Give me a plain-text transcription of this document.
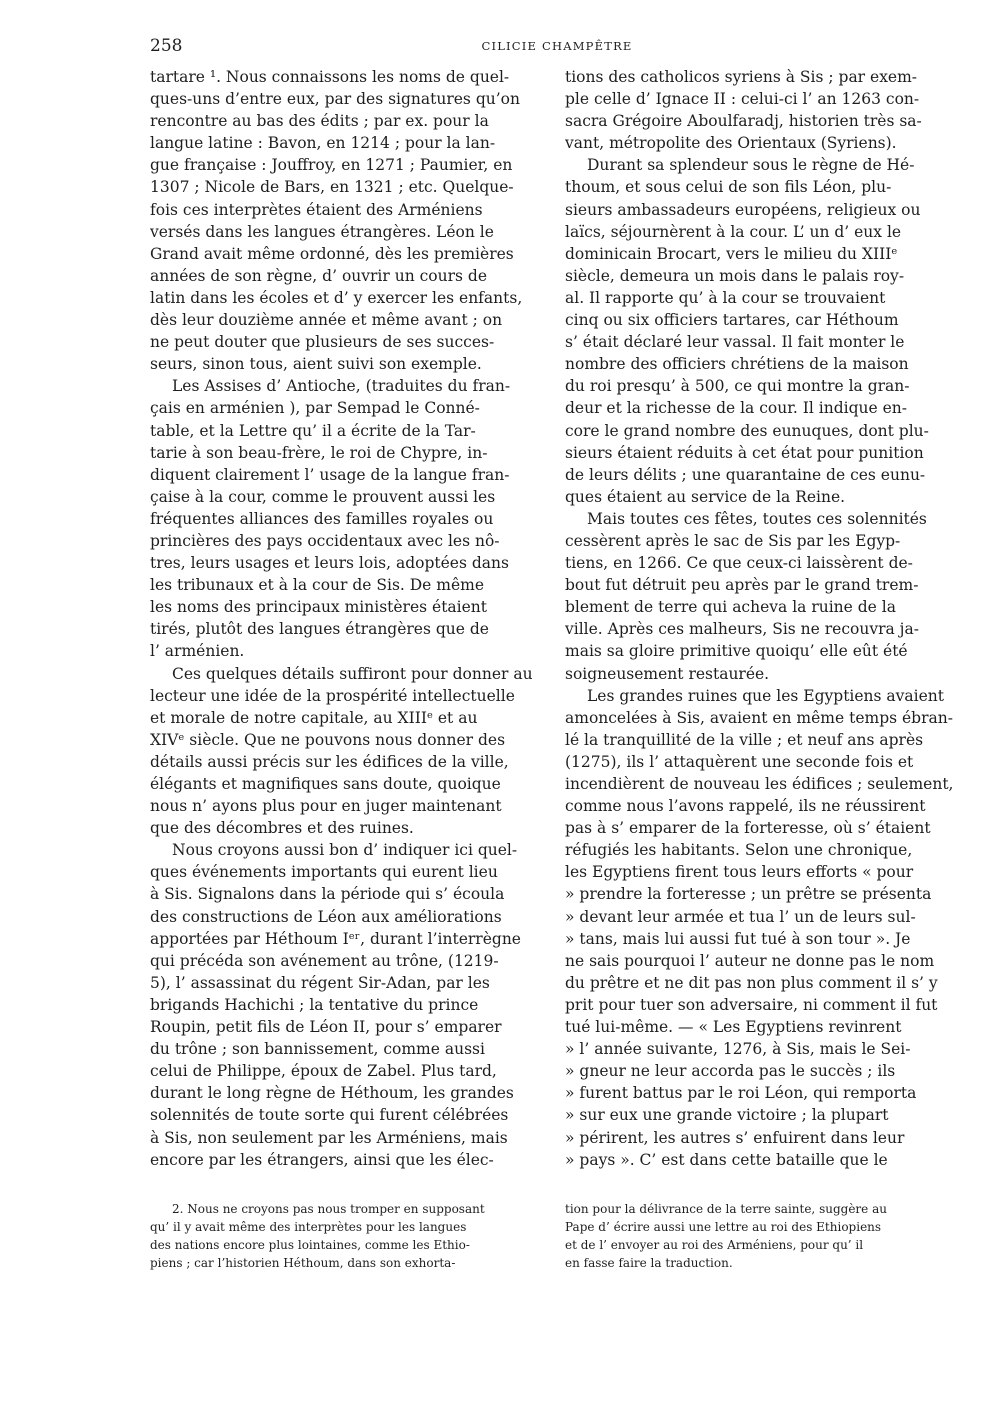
258	CILICIE CHAMPÊTRE
tartare ¹. Nous connaissons les noms de quel-
ques-uns d’entre eux, par des signatures qu’on
rencontre au bas des édits ; par ex. pour la
langue latine : Bavon, en 1214 ; pour la lan-
gue française : Jouffroy, en 1271 ; Paumier, en
1307 ; Nicole de Bars, en 1321 ; etc. Quelque-
fois ces interprètes étaient des Arméniens
versés dans les langues étrangères. Léon le
Grand avait même ordonné, dès les premières
années de son règne, d’ ouvrir un cours de
latin dans les écoles et d’ y exercer les enfants,
dès leur douzième année et même avant ; on
ne peut douter que plusieurs de ses succes-
seurs, sinon tous, aient suivi son exemple.
Les Assises d’ Antioche, (traduites du fran-
çais en arménien ), par Sempad le Conné-
table, et la Lettre qu’ il a écrite de la Tar-
tarie à son beau-frère, le roi de Chypre, in-
diquent clairement l’ usage de la langue fran-
çaise à la cour, comme le prouvent aussi les
fréquentes alliances des familles royales ou
princières des pays occidentaux avec les nô-
tres, leurs usages et leurs lois, adoptées dans
les tribunaux et à la cour de Sis. De même
les noms des principaux ministères étaient
tirés, plutôt des langues étrangères que de
l’ arménien.
Ces quelques détails suffiront pour donner au
lecteur une idée de la prospérité intellectuelle
et morale de notre capitale, au XIIIᵉ et au
XIVᵉ siècle. Que ne pouvons nous donner des
détails aussi précis sur les édifices de la ville,
élégants et magnifiques sans doute, quoique
nous n’ ayons plus pour en juger maintenant
que des décombres et des ruines.
Nous croyons aussi bon d’ indiquer ici quel-
ques événements importants qui eurent lieu
à Sis. Signalons dans la période qui s’ écoula
des constructions de Léon aux améliorations
apportées par Héthoum Iᵉʳ, durant l’interrègne
qui précéda son avénement au trône, (1219-
5), l’ assassinat du régent Sir-Adan, par les
brigands Hachichi ; la tentative du prince
Roupin, petit fils de Léon II, pour s’ emparer
du trône ; son bannissement, comme aussi
celui de Philippe, époux de Zabel. Plus tard,
durant le long règne de Héthoum, les grandes
solennités de toute sorte qui furent célébrées
à Sis, non seulement par les Arméniens, mais
encore par les étrangers, ainsi que les élec-
tions des catholicos syriens à Sis ; par exem-
ple celle d’ Ignace II : celui-ci l’ an 1263 con-
sacra Grégoire Aboulfaradj, historien très sa-
vant, métropolite des Orientaux (Syriens).
Durant sa splendeur sous le règne de Hé-
thoum, et sous celui de son fils Léon, plu-
sieurs ambassadeurs européens, religieux ou
laïcs, séjournèrent à la cour. L’ un d’ eux le
dominicain Brocart, vers le milieu du XIIIᵉ
siècle, demeura un mois dans le palais roy-
al. Il rapporte qu’ à la cour se trouvaient
cinq ou six officiers tartares, car Héthoum
s’ était déclaré leur vassal. Il fait monter le
nombre des officiers chrétiens de la maison
du roi presqu’ à 500, ce qui montre la gran-
deur et la richesse de la cour. Il indique en-
core le grand nombre des eunuques, dont plu-
sieurs étaient réduits à cet état pour punition
de leurs délits ; une quarantaine de ces eunu-
ques étaient au service de la Reine.
Mais toutes ces fêtes, toutes ces solennités
cessèrent après le sac de Sis par les Egyp-
tiens, en 1266. Ce que ceux-ci laissèrent de-
bout fut détruit peu après par le grand trem-
blement de terre qui acheva la ruine de la
ville. Après ces malheurs, Sis ne recouvra ja-
mais sa gloire primitive quoiqu’ elle eût été
soigneusement restaurée.
Les grandes ruines que les Egyptiens avaient
amoncelées à Sis, avaient en même temps ébran-
lé la tranquillité de la ville ; et neuf ans après
(1275), ils l’ attaquèrent une seconde fois et
incendièrent de nouveau les édifices ; seulement,
comme nous l’avons rappelé, ils ne réussirent
pas à s’ emparer de la forteresse, où s’ étaient
réfugiés les habitants. Selon une chronique,
les Egyptiens firent tous leurs efforts « pour
» prendre la forteresse ; un prêtre se présenta
» devant leur armée et tua l’ un de leurs sul-
» tans, mais lui aussi fut tué à son tour ». Je
ne sais pourquoi l’ auteur ne donne pas le nom
du prêtre et ne dit pas non plus comment il s’ y
prit pour tuer son adversaire, ni comment il fut
tué lui-même. — « Les Egyptiens revinrent
» l’ année suivante, 1276, à Sis, mais le Sei-
» gneur ne leur accorda pas le succès ; ils
» furent battus par le roi Léon, qui remporta
» sur eux une grande victoire ; la plupart
» périrent, les autres s’ enfuirent dans leur
» pays ». C’ est dans cette bataille que le
2. Nous ne croyons pas nous tromper en supposant
qu’ il y avait même des interprètes pour les langues
des nations encore plus lointaines, comme les Ethio-
piens ; car l’historien Héthoum, dans son exhorta-
tion pour la délivrance de la terre sainte, suggère au
Pape d’ écrire aussi une lettre au roi des Ethiopiens
et de l’ envoyer au roi des Arméniens, pour qu’ il
en fasse faire la traduction.
